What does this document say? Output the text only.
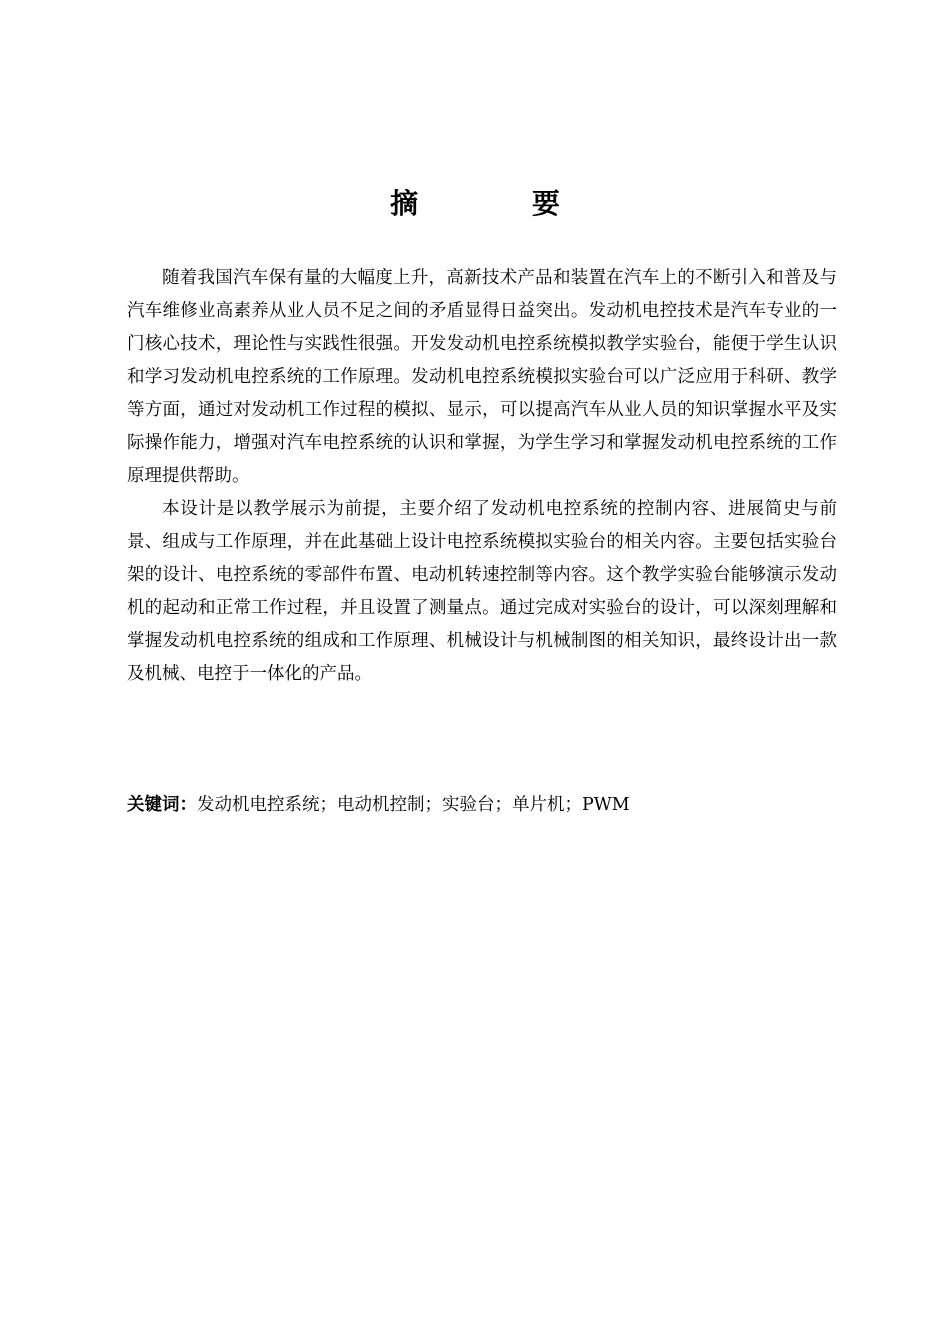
摘 要

随着我国汽车保有量的大幅度上升，高新技术产品和装置在汽车上的不断引入和普及与汽车维修业高素养从业人员不足之间的矛盾显得日益突出。发动机电控技术是汽车专业的一门核心技术，理论性与实践性很强。开发发动机电控系统模拟教学实验台，能便于学生认识和学习发动机电控系统的工作原理。发动机电控系统模拟实验台可以广泛应用于科研、教学等方面，通过对发动机工作过程的模拟、显示，可以提高汽车从业人员的知识掌握水平及实际操作能力，增强对汽车电控系统的认识和掌握，为学生学习和掌握发动机电控系统的工作原理提供帮助。

本设计是以教学展示为前提，主要介绍了发动机电控系统的控制内容、进展简史与前景、组成与工作原理，并在此基础上设计电控系统模拟实验台的相关内容。主要包括实验台架的设计、电控系统的零部件布置、电动机转速控制等内容。这个教学实验台能够演示发动机的起动和正常工作过程，并且设置了测量点。通过完成对实验台的设计，可以深刻理解和掌握发动机电控系统的组成和工作原理、机械设计与机械制图的相关知识，最终设计出一款及机械、电控于一体化的产品。

关键词：发动机电控系统；电动机控制；实验台；单片机；PWM
